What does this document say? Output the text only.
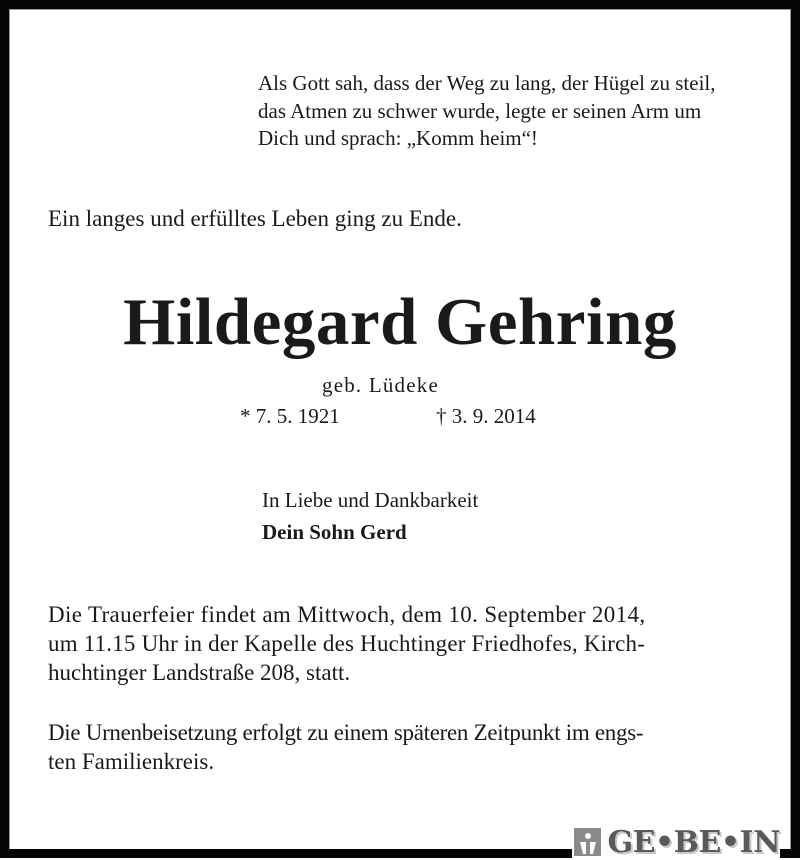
Als Gott sah, dass der Weg zu lang, der Hügel zu steil,
das Atmen zu schwer wurde, legte er seinen Arm um
Dich und sprach: „Komm heim“!
Ein langes und erfülltes Leben ging zu Ende.
Hildegard Gehring
geb. Lüdeke
* 7. 5. 1921	† 3. 9. 2014
In Liebe und Dankbarkeit
Dein Sohn Gerd
Die Trauerfeier findet am Mittwoch, dem 10. September 2014,
um 11.15 Uhr in der Kapelle des Huchtinger Friedhofes, Kirch-
huchtinger Landstraße 208, statt.
Die Urnenbeisetzung erfolgt zu einem späteren Zeitpunkt im engs-
ten Familienkreis.
GE•BE•IN
